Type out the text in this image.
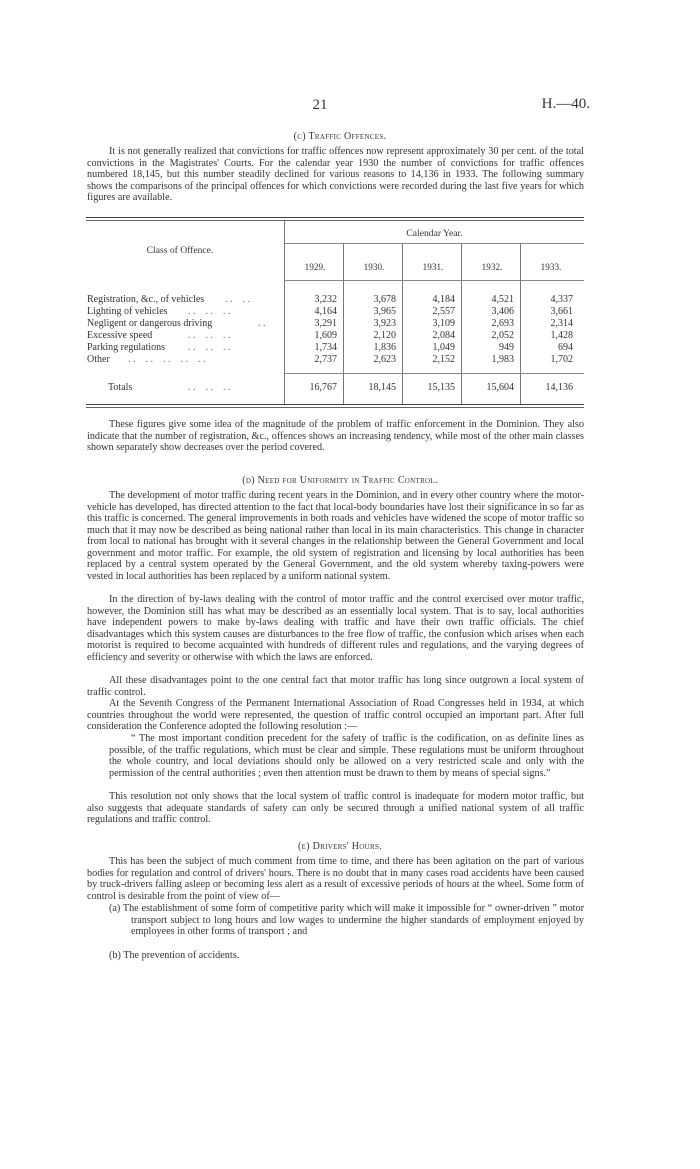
21	H.—40.
(c) Traffic Offences.

It is not generally realized that convictions for traffic offences now represent approximately 30 per cent. of the total convictions in the Magistrates' Courts. For the calendar year 1930 the number of convictions for traffic offences numbered 18,145, but this number steadily declined for various reasons to 14,136 in 1933. The following summary shows the comparisons of the principal offences for which convictions were recorded during the last five years for which figures are available.

Class of Offence.
Calendar Year.
1929.	1930.	1931.	1932.	1933.
. .    . .
Registration, &c., of vehicles	3,232	3,678	4,184	4,521	4,337
. .    . .    . .
Lighting of vehicles	4,164	3,965	2,557	3,406	3,661
. .
Negligent or dangerous driving	3,291	3,923	3,109	2,693	2,314
. .    . .    . .
Excessive speed	1,609	2,120	2,084	2,052	1,428
. .    . .    . .
Parking regulations	1,734	1,836	1,049	949	694
. .    . .    . .    . .    . .
Other	2,737	2,623	2,152	1,983	1,702
. .    . .    . .
Totals	16,767	18,145	15,135	15,604	14,136

These figures give some idea of the magnitude of the problem of traffic enforcement in the Dominion. They also indicate that the number of registration, &c., offences shows an increasing tendency, while most of the other main classes shown separately show decreases over the period covered.

(d) Need for Uniformity in Traffic Control.

The development of motor traffic during recent years in the Dominion, and in every other country where the motor-vehicle has developed, has directed attention to the fact that local-body boundaries have lost their significance in so far as this traffic is concerned. The general improvements in both roads and vehicles have widened the scope of motor traffic so much that it may now be described as being national rather than local in its main characteristics. This change in character from local to national has brought with it several changes in the relationship between the General Government and local government and motor traffic. For example, the old system of registration and licensing by local authorities has been replaced by a central system operated by the General Government, and the old system whereby taxing-powers were vested in local authorities has been replaced by a uniform national system.

In the direction of by-laws dealing with the control of motor traffic and the control exercised over motor traffic, however, the Dominion still has what may be described as an essentially local system. That is to say, local authorities have independent powers to make by-laws dealing with traffic and have their own traffic officials. The chief disadvantages which this system causes are disturbances to the free flow of traffic, the confusion which arises when each motorist is required to become acquainted with hundreds of different rules and regulations, and the varying degrees of efficiency and severity or otherwise with which the laws are enforced.

All these disadvantages point to the one central fact that motor traffic has long since outgrown a local system of traffic control.

At the Seventh Congress of the Permanent International Association of Road Congresses held in 1934, at which countries throughout the world were represented, the question of traffic control occupied an important part. After full consideration the Conference adopted the following resolution :—

“ The most important condition precedent for the safety of traffic is the codification, on as definite lines as possible, of the traffic regulations, which must be clear and simple. These regulations must be uniform throughout the whole country, and local deviations should only be allowed on a very restricted scale and only with the permission of the central authorities ; even then attention must be drawn to them by means of special signs.”

This resolution not only shows that the local system of traffic control is inadequate for modern motor traffic, but also suggests that adequate standards of safety can only be secured through a unified national system of all traffic regulations and traffic control.

(e) Drivers' Hours.

This has been the subject of much comment from time to time, and there has been agitation on the part of various bodies for regulation and control of drivers' hours. There is no doubt that in many cases road accidents have been caused by truck-drivers falling asleep or becoming less alert as a result of excessive periods of hours at the wheel. Some form of control is desirable from the point of view of—

(a) The establishment of some form of competitive parity which will make it impossible for “ owner-driven ” motor transport subject to long hours and low wages to undermine the higher standards of employment enjoyed by employees in other forms of transport ; and

(b) The prevention of accidents.
